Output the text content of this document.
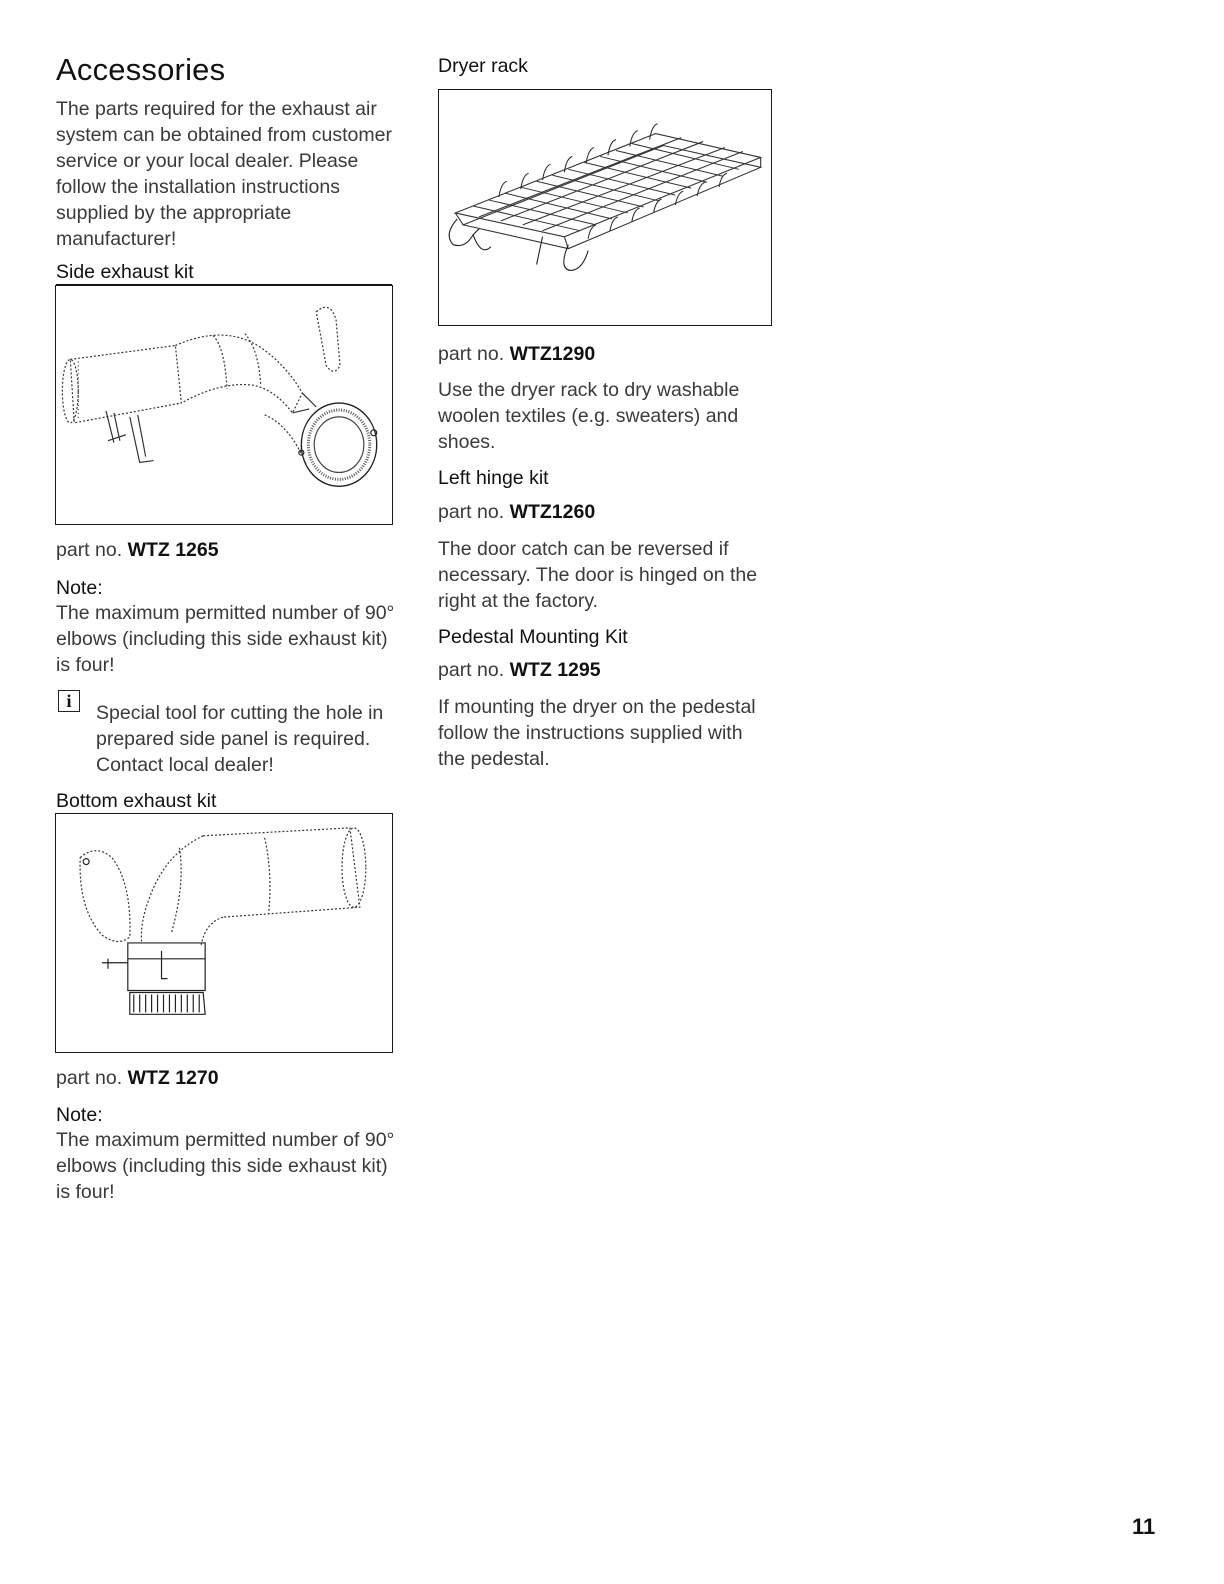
Accessories
The parts required for the exhaust air system can be obtained from customer service or your local dealer. Please follow the installation instructions supplied by the appropriate manufacturer!
Side exhaust kit
part no. WTZ 1265
Note:
The maximum permitted number of 90° elbows (including this side exhaust kit) is four!
i
Special tool for cutting the hole in prepared side panel is required. Contact local dealer!
Bottom exhaust kit
part no. WTZ 1270
Note:
The maximum permitted number of 90° elbows (including this side exhaust kit) is four!
Dryer rack
part no. WTZ1290
Use the dryer rack to dry washable woolen textiles (e.g. sweaters) and shoes.
Left hinge kit
part no. WTZ1260
The door catch can be reversed if necessary. The door is hinged on the right at the factory.
Pedestal Mounting Kit
part no. WTZ 1295
If mounting the dryer on the pedestal follow the instructions supplied with the pedestal.
11
